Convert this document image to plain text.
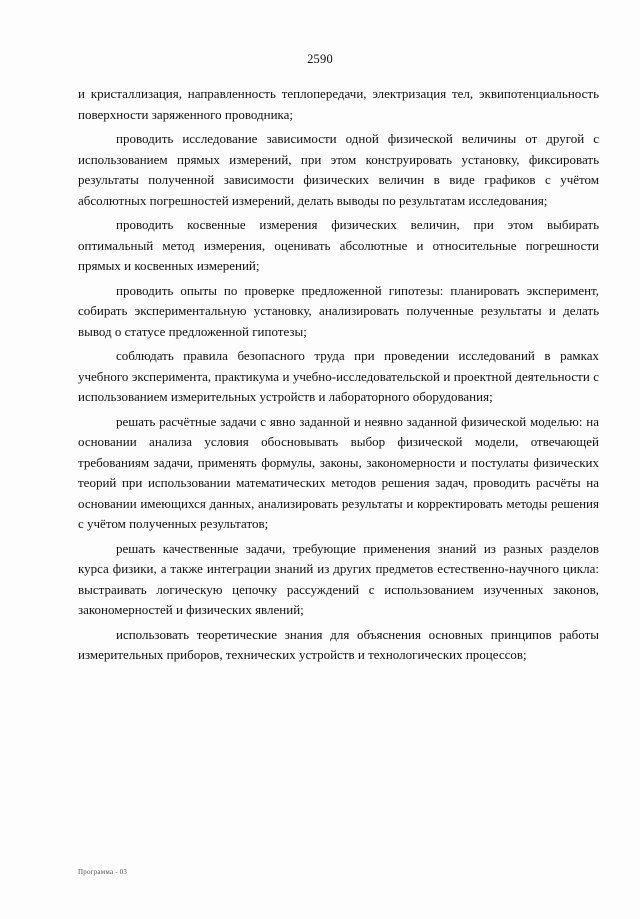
2590

и кристаллизация, направленность теплопередачи, электризация тел, эквипотенциальность поверхности заряженного проводника;

проводить исследование зависимости одной физической величины от другой с использованием прямых измерений, при этом конструировать установку, фиксировать результаты полученной зависимости физических величин в виде графиков с учётом абсолютных погрешностей измерений, делать выводы по результатам исследования;

проводить косвенные измерения физических величин, при этом выбирать оптимальный метод измерения, оценивать абсолютные и относительные погрешности прямых и косвенных измерений;

проводить опыты по проверке предложенной гипотезы: планировать эксперимент, собирать экспериментальную установку, анализировать полученные результаты и делать вывод о статусе предложенной гипотезы;

соблюдать правила безопасного труда при проведении исследований в рамках учебного эксперимента, практикума и учебно-исследовательской и проектной деятельности с использованием измерительных устройств и лабораторного оборудования;

решать расчётные задачи с явно заданной и неявно заданной физической моделью: на основании анализа условия обосновывать выбор физической модели, отвечающей требованиям задачи, применять формулы, законы, закономерности и постулаты физических теорий при использовании математических методов решения задач, проводить расчёты на основании имеющихся данных, анализировать результаты и корректировать методы решения с учётом полученных результатов;

решать качественные задачи, требующие применения знаний из разных разделов курса физики, а также интеграции знаний из других предметов естественно-научного цикла: выстраивать логическую цепочку рассуждений с использованием изученных законов, закономерностей и физических явлений;

использовать теоретические знания для объяснения основных принципов работы измерительных приборов, технических устройств и технологических процессов;

Программа - 03
